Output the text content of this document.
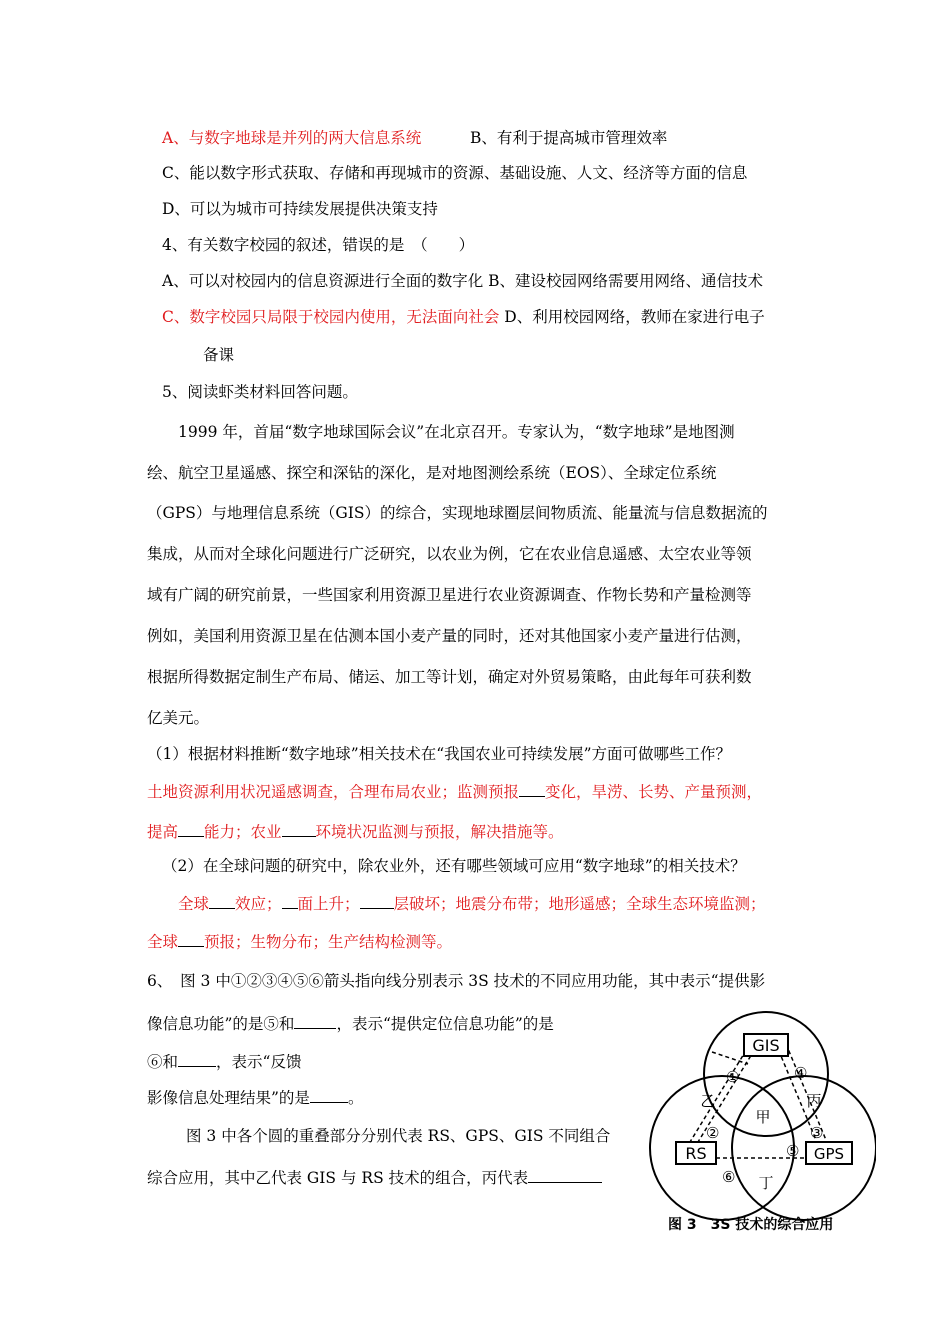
A、与数字地球是并列的两大信息系统	B、有利于提高城市管理效率
C、能以数字形式获取、存储和再现城市的资源、基础设施、人文、经济等方面的信息
D、可以为城市可持续发展提供决策支持
4、有关数字校园的叙述，错误的是　（　　）
A、可以对校园内的信息资源进行全面的数字化 B、建设校园网络需要用网络、通信技术
C、数字校园只局限于校园内使用，无法面向社会 D、利用校园网络，教师在家进行电子
备课
5、阅读虾类材料回答问题。
1999 年，首届“数字地球国际会议”在北京召开。专家认为，“数字地球”是地图测
绘、航空卫星遥感、探空和深钻的深化，是对地图测绘系统（EOS）、全球定位系统
（GPS）与地理信息系统（GIS）的综合，实现地球圈层间物质流、能量流与信息数据流的
集成，从而对全球化问题进行广泛研究，以农业为例，它在农业信息遥感、太空农业等领
域有广阔的研究前景，一些国家利用资源卫星进行农业资源调查、作物长势和产量检测等
例如，美国利用资源卫星在估测本国小麦产量的同时，还对其他国家小麦产量进行估测，
根据所得数据定制生产布局、储运、加工等计划，确定对外贸易策略，由此每年可获利数
亿美元。
（1）根据材料推断“数字地球”相关技术在“我国农业可持续发展”方面可做哪些工作？
土地资源利用状况遥感调查，合理布局农业；监测预报 变化，旱涝、长势、产量预测，
提高 能力；农业 环境状况监测与预报，解决措施等。
（2）在全球问题的研究中，除农业外，还有哪些领域可应用“数字地球”的相关技术？
全球 效应； 面上升； 层破坏；地震分布带；地形遥感；全球生态环境监测；
全球 预报；生物分布；生产结构检测等。
6、　图 3 中①②③④⑤⑥箭头指向线分别表示 3S 技术的不同应用功能，其中表示“提供影
像信息功能”的是⑤和	，表示“提供定位信息功能”的是
⑥和 ，表示“反馈
影像信息处理结果”的是 。
图 3 中各个圆的重叠部分分别代表 RS、GPS、GIS 不同组合
综合应用，其中乙代表 GIS 与 RS 技术的组合，丙代表
GIS
RS	GPS
甲
乙	丙
丁
①
②	③
④
⑤
⑥
图 3　3S 技术的综合应用
